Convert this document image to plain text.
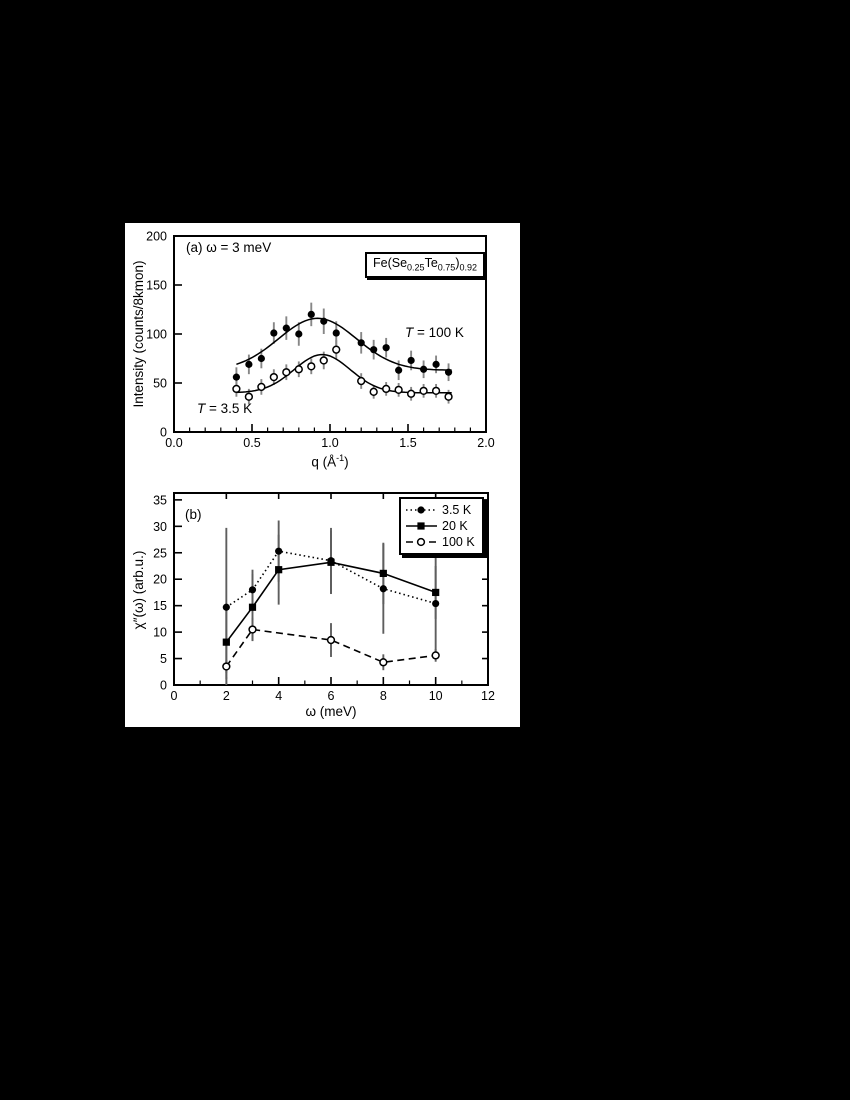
0.0	0.5	1.0	1.5	2.0
0
50
100
150
200
0	2	4	6	8	10	12
0
5
10
15
20
25
30
35
(a) ω = 3 meV
$Fe(Se_{0.25}Te_{0.75})_{0.92}$
T = 100 K
T = 3.5 K
Intensity (counts/8kmon)
q $(Å^{-1})$
(b)
χ″(ω) (arb.u.)
ω (meV)
3.5 K
20 K
100 K
